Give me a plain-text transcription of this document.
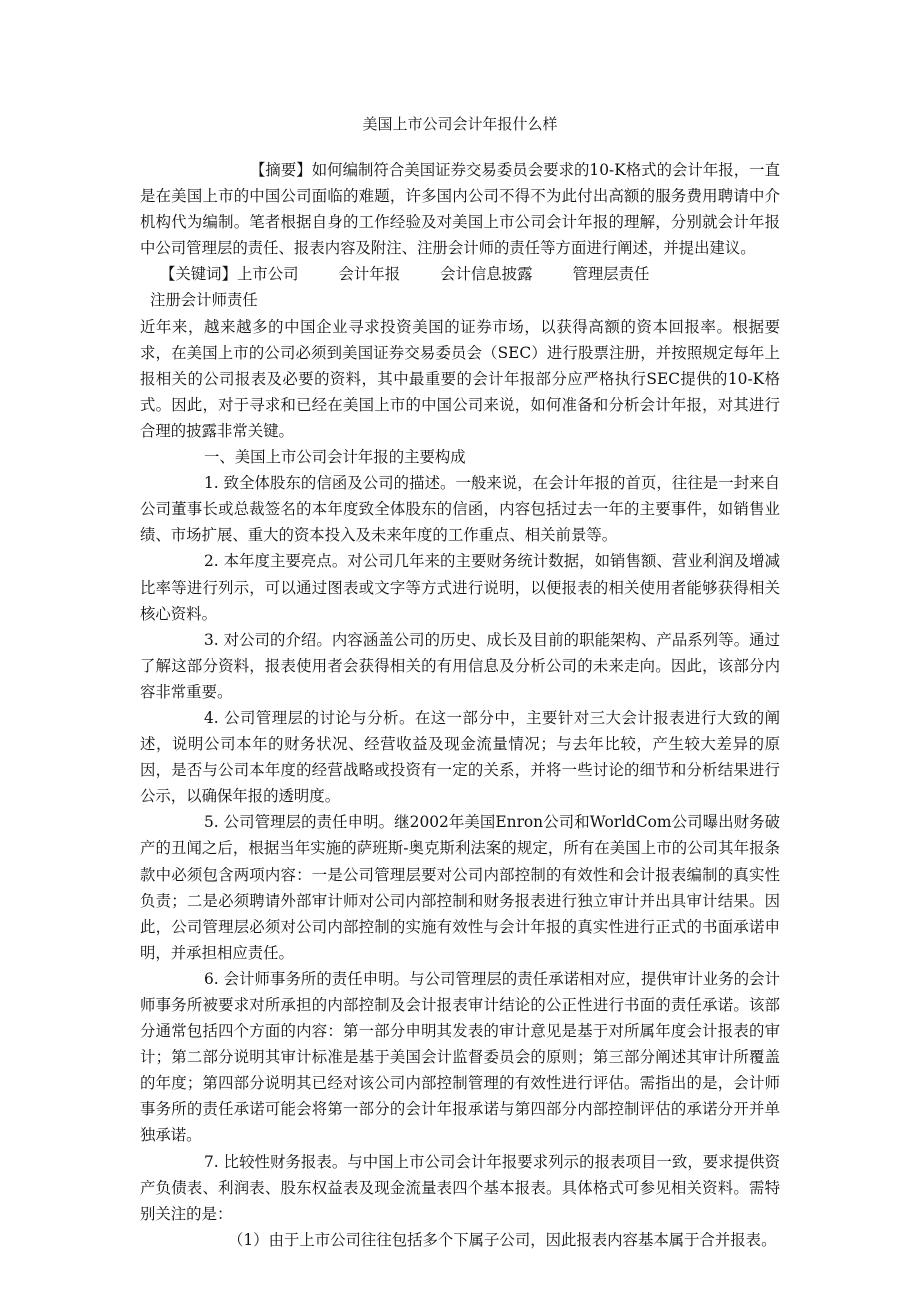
美国上市公司会计年报什么样

【摘要】如何编制符合美国证券交易委员会要求的10-K格式的会计年报，一直是在美国上市的中国公司面临的难题，许多国内公司不得不为此付出高额的服务费用聘请中介机构代为编制。笔者根据自身的工作经验及对美国上市公司会计年报的理解，分别就会计年报中公司管理层的责任、报表内容及附注、注册会计师的责任等方面进行阐述，并提出建议。

【关键词】上市公司	会计年报	会计信息披露	管理层责任注册会计师责任

近年来，越来越多的中国企业寻求投资美国的证券市场，以获得高额的资本回报率。根据要求，在美国上市的公司必须到美国证券交易委员会（SEC）进行股票注册，并按照规定每年上报相关的公司报表及必要的资料，其中最重要的会计年报部分应严格执行SEC提供的10-K格式。因此，对于寻求和已经在美国上市的中国公司来说，如何准备和分析会计年报，对其进行合理的披露非常关键。

一、美国上市公司会计年报的主要构成

1. 致全体股东的信函及公司的描述。一般来说，在会计年报的首页，往往是一封来自公司董事长或总裁签名的本年度致全体股东的信函，内容包括过去一年的主要事件，如销售业绩、市场扩展、重大的资本投入及未来年度的工作重点、相关前景等。

2. 本年度主要亮点。对公司几年来的主要财务统计数据，如销售额、营业利润及增减比率等进行列示，可以通过图表或文字等方式进行说明，以便报表的相关使用者能够获得相关核心资料。

3. 对公司的介绍。内容涵盖公司的历史、成长及目前的职能架构、产品系列等。通过了解这部分资料，报表使用者会获得相关的有用信息及分析公司的未来走向。因此，该部分内容非常重要。

4. 公司管理层的讨论与分析。在这一部分中，主要针对三大会计报表进行大致的阐述，说明公司本年的财务状况、经营收益及现金流量情况；与去年比较，产生较大差异的原因，是否与公司本年度的经营战略或投资有一定的关系，并将一些讨论的细节和分析结果进行公示，以确保年报的透明度。

5. 公司管理层的责任申明。继2002年美国Enron公司和WorldCom公司曝出财务破产的丑闻之后，根据当年实施的萨班斯-奥克斯利法案的规定，所有在美国上市的公司其年报条款中必须包含两项内容：一是公司管理层要对公司内部控制的有效性和会计报表编制的真实性负责；二是必须聘请外部审计师对公司内部控制和财务报表进行独立审计并出具审计结果。因此，公司管理层必须对公司内部控制的实施有效性与会计年报的真实性进行正式的书面承诺申明，并承担相应责任。

6. 会计师事务所的责任申明。与公司管理层的责任承诺相对应，提供审计业务的会计师事务所被要求对所承担的内部控制及会计报表审计结论的公正性进行书面的责任承诺。该部分通常包括四个方面的内容：第一部分申明其发表的审计意见是基于对所属年度会计报表的审计；第二部分说明其审计标准是基于美国会计监督委员会的原则；第三部分阐述其审计所覆盖的年度；第四部分说明其已经对该公司内部控制管理的有效性进行评估。需指出的是，会计师事务所的责任承诺可能会将第一部分的会计年报承诺与第四部分内部控制评估的承诺分开并单独承诺。

7. 比较性财务报表。与中国上市公司会计年报要求列示的报表项目一致，要求提供资产负债表、利润表、股东权益表及现金流量表四个基本报表。具体格式可参见相关资料。需特别关注的是：

（1）由于上市公司往往包括多个下属子公司，因此报表内容基本属于合并报表。
